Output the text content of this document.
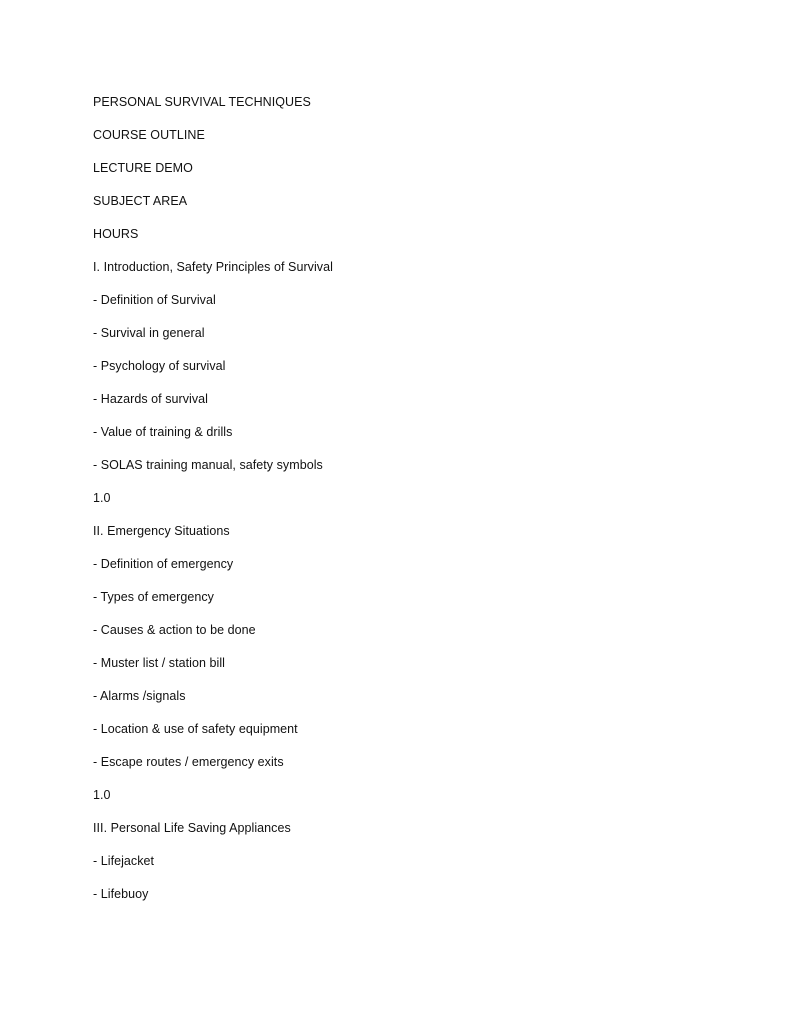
PERSONAL SURVIVAL TECHNIQUES
COURSE OUTLINE
LECTURE DEMO
SUBJECT AREA
HOURS
I. Introduction, Safety Principles of Survival
- Definition of Survival
- Survival in general
- Psychology of survival
- Hazards of survival
- Value of training & drills
- SOLAS training manual, safety symbols
1.0
II. Emergency Situations
- Definition of emergency
- Types of emergency
- Causes & action to be done
- Muster list / station bill
- Alarms /signals
- Location & use of safety equipment
- Escape routes / emergency exits
1.0
III. Personal Life Saving Appliances
- Lifejacket
- Lifebuoy
